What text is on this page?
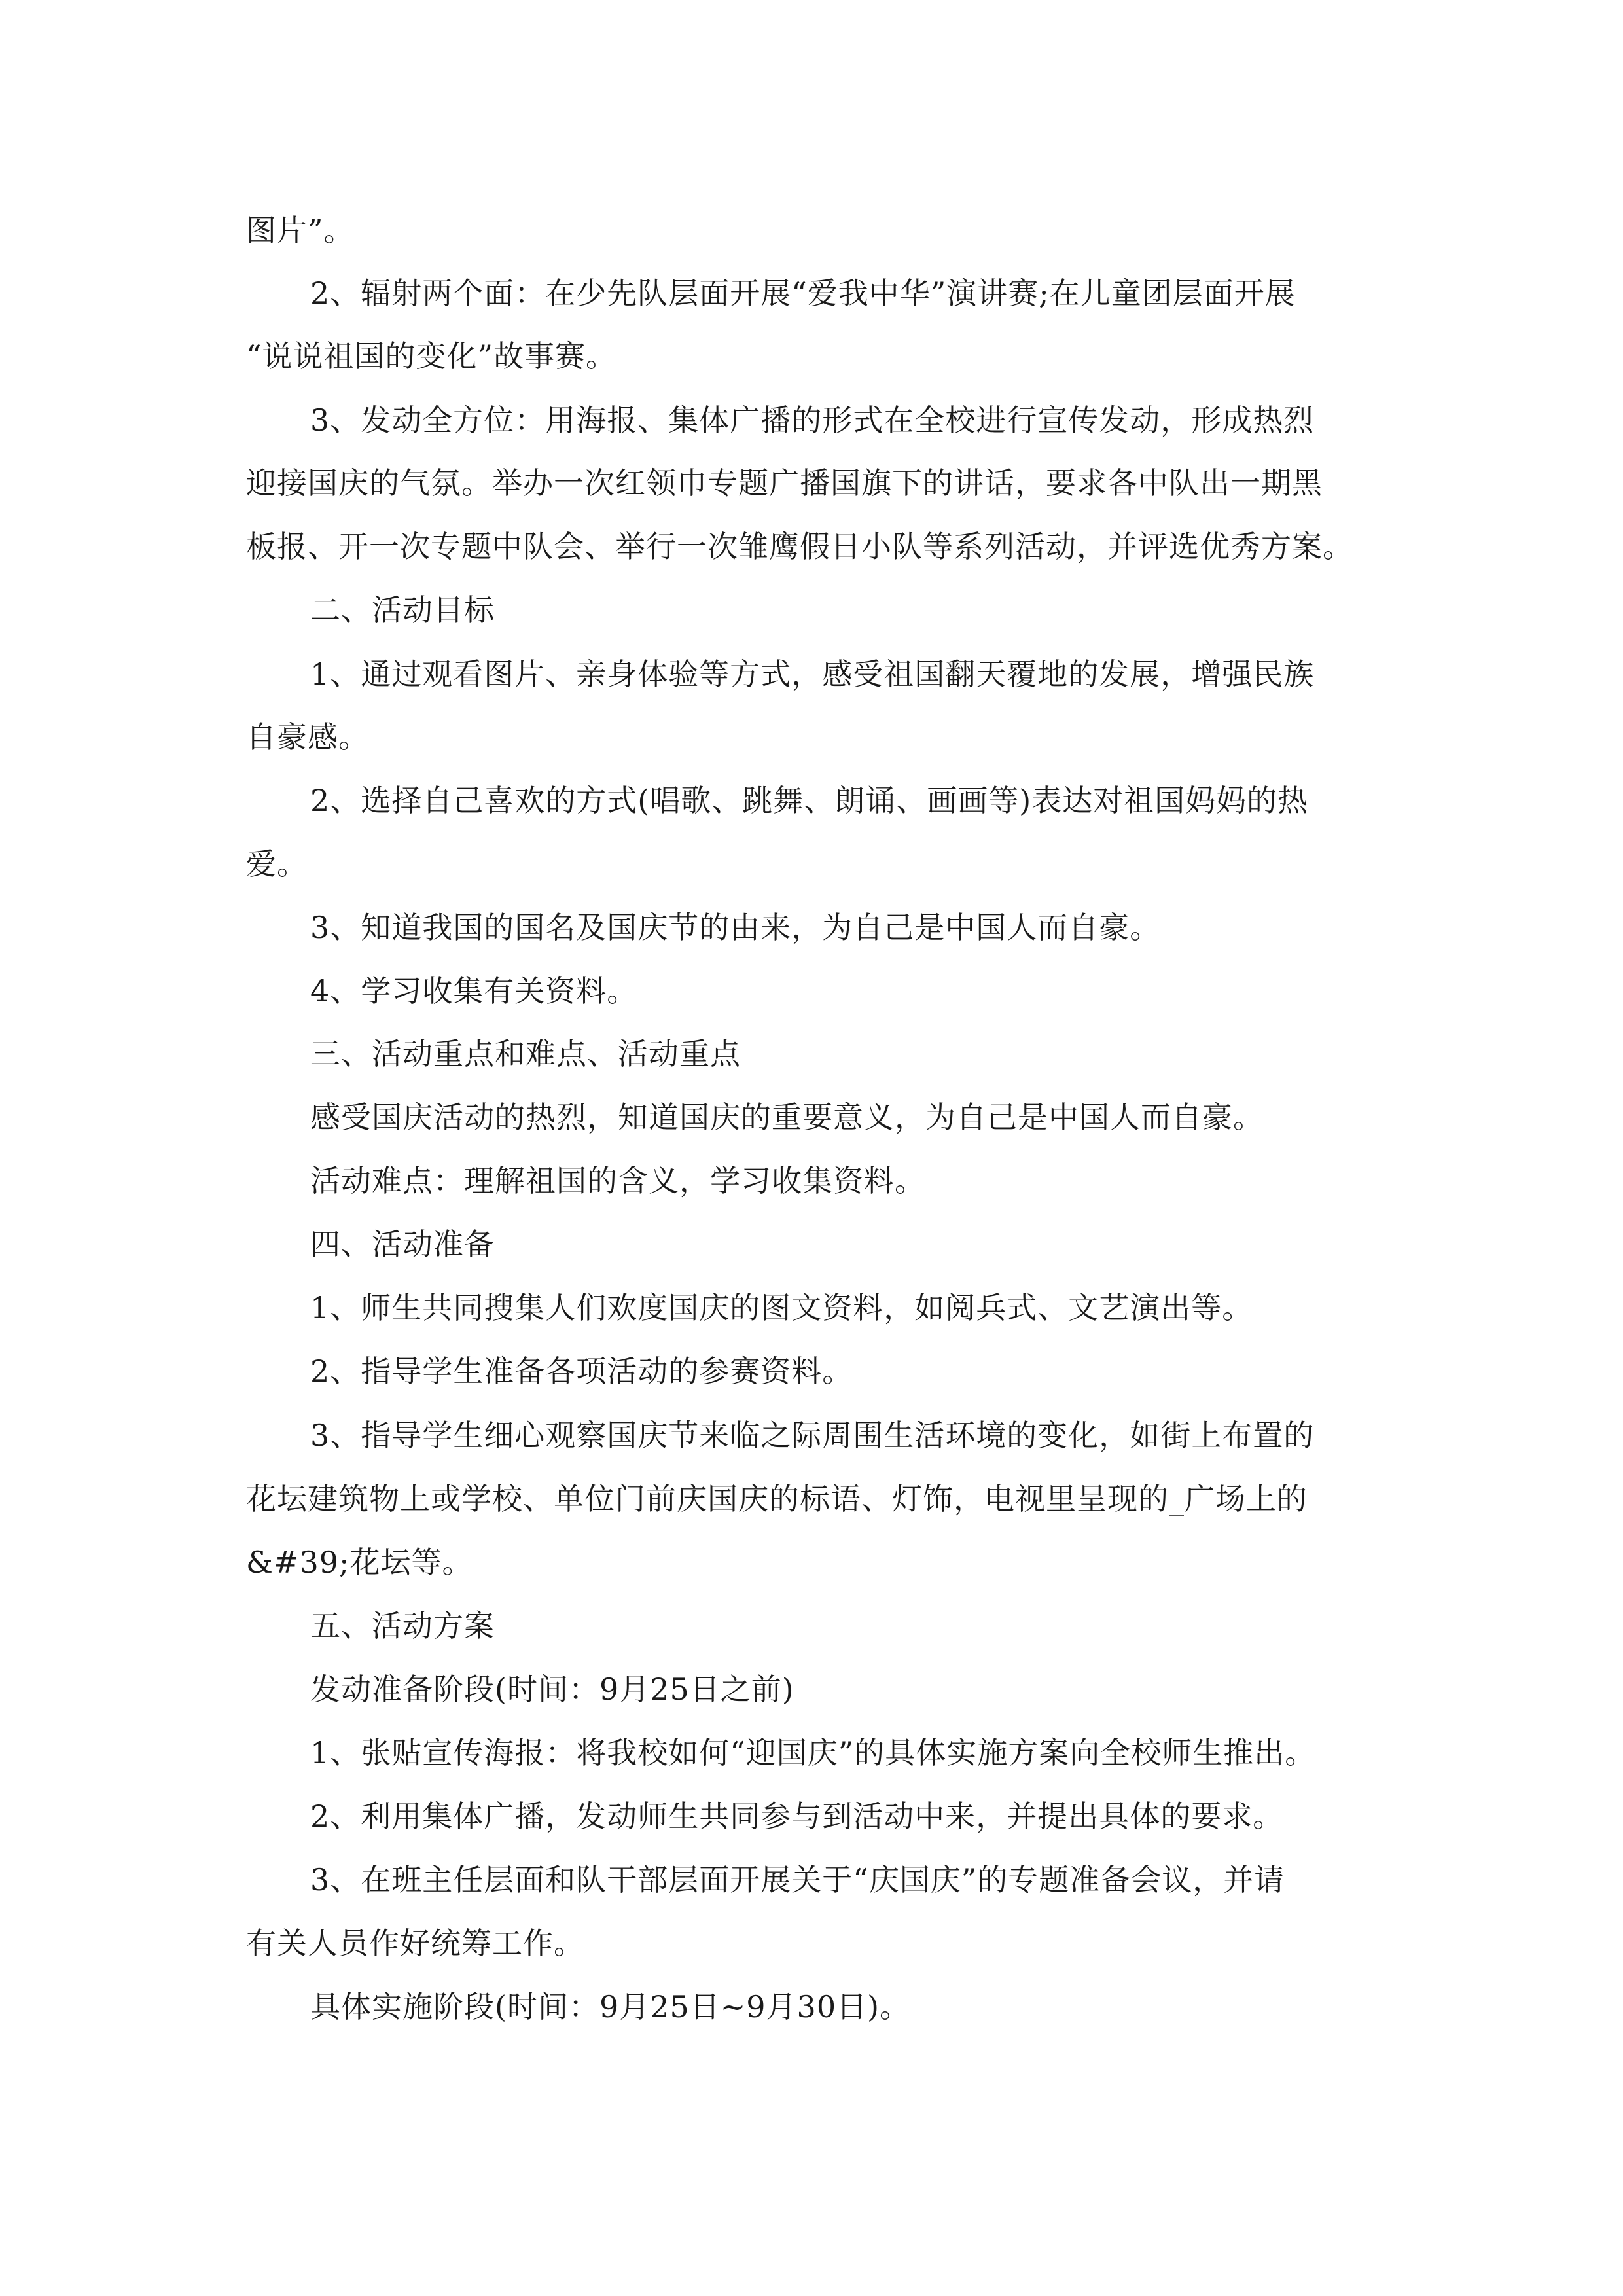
图片”。
2、辐射两个面：在少先队层面开展“爱我中华”演讲赛;在儿童团层面开展
“说说祖国的变化”故事赛。
3、发动全方位：用海报、集体广播的形式在全校进行宣传发动，形成热烈
迎接国庆的气氛。举办一次红领巾专题广播国旗下的讲话，要求各中队出一期黑
板报、开一次专题中队会、举行一次雏鹰假日小队等系列活动，并评选优秀方案。
二、活动目标
1、通过观看图片、亲身体验等方式，感受祖国翻天覆地的发展，增强民族
自豪感。
2、选择自己喜欢的方式(唱歌、跳舞、朗诵、画画等)表达对祖国妈妈的热
爱。
3、知道我国的国名及国庆节的由来，为自己是中国人而自豪。
4、学习收集有关资料。
三、活动重点和难点、活动重点
感受国庆活动的热烈，知道国庆的重要意义，为自己是中国人而自豪。
活动难点：理解祖国的含义，学习收集资料。
四、活动准备
1、师生共同搜集人们欢度国庆的图文资料，如阅兵式、文艺演出等。
2、指导学生准备各项活动的参赛资料。
3、指导学生细心观察国庆节来临之际周围生活环境的变化，如街上布置的
花坛建筑物上或学校、单位门前庆国庆的标语、灯饰，电视里呈现的_广场上的
&#39;花坛等。
五、活动方案
发动准备阶段(时间：9月25日之前)
1、张贴宣传海报：将我校如何“迎国庆”的具体实施方案向全校师生推出。
2、利用集体广播，发动师生共同参与到活动中来，并提出具体的要求。
3、在班主任层面和队干部层面开展关于“庆国庆”的专题准备会议，并请
有关人员作好统筹工作。
具体实施阶段(时间：9月25日~9月30日)。
